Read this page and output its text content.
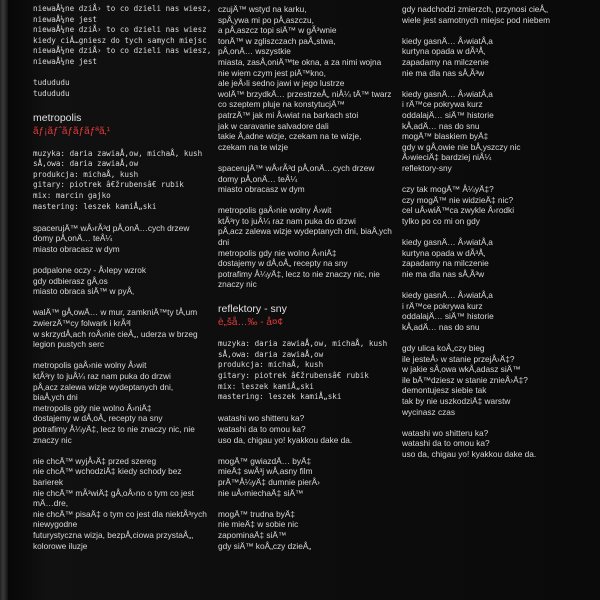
niewaÅ¼ne dziÅ› to co dzieli nas wiesz,
niewaÅ¼ne jest
niewaÅ¼ne dziÅ› to co dzieli nas wiesz
kiedy ciÄ…gniesz do tych samych miejsc
niewaÅ¼ne dziÅ› to co dzieli nas wiesz,
niewaÅ¼ne jest
tudududu
tudududu
metropolis
ãƒ¡ãƒˆãƒãƒãƒªã‚¹
muzyka: daria zawiaÅ‚ow, michaÅ‚ kush
sÅ‚owa: daria zawiaÅ‚ow
produkcja: michaÅ‚ kush
gitary: piotrek â€žrubensâ€ rubik
mix: marcin gajko
mastering: leszek kamiÅ„ski
spacerujÄ™ wÅ›rÃ³d pÅ‚onÄ…cych drzew
domy pÅ‚onÄ… teÅ¼
miasto obracasz w dym
podpalone oczy - Å›lepy wzrok
gdy odbierasz gÅ‚os
miasto obraca siÄ™ w pyÅ‚
walÄ™ gÅ‚owÄ… w mur, zamkniÄ™ty tÅ‚um
zwierzÄ™cy folwark i krÃ³l
w skrzydÅ‚ach roÅ›nie cieÅ„, uderza w brzeg
legion pustych serc
metropolis gaÅ›nie wolny Å›wit
ktÃ³ry to juÅ¼ raz nam puka do drzwi
pÅ‚acz zalewa wizje wydeptanych dni,
biaÅ‚ych dni
metropolis gdy nie wolno Å›niÄ‡
dostajemy w dÅ‚oÅ„ recepty na sny
potrafimy Å¼yÄ‡, lecz to nie znaczy nic, nie
znaczy nic
nie chcÄ™ wyjÅ›Ä‡ przed szereg
nie chcÄ™ wchodziÄ‡ kiedy schody bez
barierek
nie chcÄ™ mÃ³wiÄ‡ gÅ‚oÅ›no o tym co jest
mÄ…dre,
nie chcÄ™ pisaÄ‡ o tym co jest dla niektÃ³rych
niewygodne
futurystyczna wizja, bezpÅ‚ciowa przystaÅ„,
kolorowe iluzje
czujÄ™ wstyd na karku,
spÅ‚ywa mi po pÅ‚aszczu,
a pÅ‚aszcz topi siÄ™ w gÃ³wnie
tonÄ™ w zgliszczach paÅ„stwa,
pÅ‚onÄ… wszystkie
miasta, zasÅ‚oniÄ™te okna, a za nimi wojna
nie wiem czym jest piÄ™kno,
ale jeÅ›li sedno jawi w jego lustrze
wolÄ™ brzydkÄ… przestrzeÅ„ niÅ¼ tÄ™ twarz
co szeptem pluje na konstytucjÄ™
patrzÄ™ jak mi Å›wiat na barkach stoi
jak w caravanie salvadore dali
takie Å‚adne wizje, czekam na te wizje,
czekam na te wizje
spacerujÄ™ wÅ›rÃ³d pÅ‚onÄ…cych drzew
domy pÅ‚onÄ… teÅ¼
miasto obracasz w dym
metropolis gaÅ›nie wolny Å›wit
ktÃ³ry to juÅ¼ raz nam puka do drzwi
pÅ‚acz zalewa wizje wydeptanych dni, biaÅ‚ych
dni
metropolis gdy nie wolno Å›niÄ‡
dostajemy w dÅ‚oÅ„ recepty na sny
potrafimy Å¼yÄ‡, lecz to nie znaczy nic, nie
znaczy nic
reflektory - sny
è„šå…‰ - å¤¢
muzyka: daria zawiaÅ‚ow, michaÅ‚ kush
sÅ‚owa: daria zawiaÅ‚ow
produkcja: michaÅ‚ kush
gitary: piotrek â€žrubensâ€ rubik
mix: leszek kamiÅ„ski
mastering: leszek kamiÅ„ski
watashi wo shitteru ka?
watashi da to omou ka?
uso da, chigau yo! kyakkou dake da.
mogÄ™ gwiazdÄ… byÄ‡
mieÄ‡ swÃ³j wÅ‚asny film
prÄ™Å¼yÄ‡ dumnie pierÅ›
nie uÅ›miechaÄ‡ siÄ™
mogÄ™ trudna byÄ‡
nie mieÄ‡ w sobie nic
zapominaÄ‡ siÄ™
gdy siÄ™ koÅ„czy dzieÅ„
gdy nadchodzi zmierzch, przynosi cieÅ„
wiele jest samotnych miejsc pod niebem
kiedy gasnÄ… Å›wiatÅ‚a
kurtyna opada w dÃ³Å‚
zapadamy na milczenie
nie ma dla nas sÅ‚Ã³w
kiedy gasnÄ… Å›wiatÅ‚a
i rÄ™ce pokrywa kurz
oddalajÄ… siÄ™ historie
kÅ‚adÄ… nas do snu
mogÄ™ blaskiem byÄ‡
gdy w gÅ‚owie nie bÅ‚yszczy nic
Å›wieciÄ‡ bardziej niÅ¼
reflektory-sny
czy tak mogÄ™ Å¼yÄ‡?
czy mogÄ™ nie widzieÄ‡ nic?
cel uÅ›wiÄ™ca zwykle Å›rodki
tylko po co mi on gdy
kiedy gasnÄ… Å›wiatÅ‚a
kurtyna opada w dÃ³Å‚
zapadamy na milczenie
nie ma dla nas sÅ‚Ã³w
kiedy gasnÄ… Å›wiatÅ‚a
i rÄ™ce pokrywa kurz
oddalajÄ… siÄ™ historie
kÅ‚adÄ… nas do snu
gdy ulica koÅ„czy bieg
ile jesteÅ› w stanie przejÅ›Ä‡?
w jakie sÅ‚owa wkÅ‚adasz siÄ™
ile bÄ™dziesz w stanie znieÅ›Ä‡?
demontujesz siebie tak
tak by nie uszkodziÄ‡ warstw
wycinasz czas
watashi wo shitteru ka?
watashi da to omou ka?
uso da, chigau yo! kyakkou dake da.
